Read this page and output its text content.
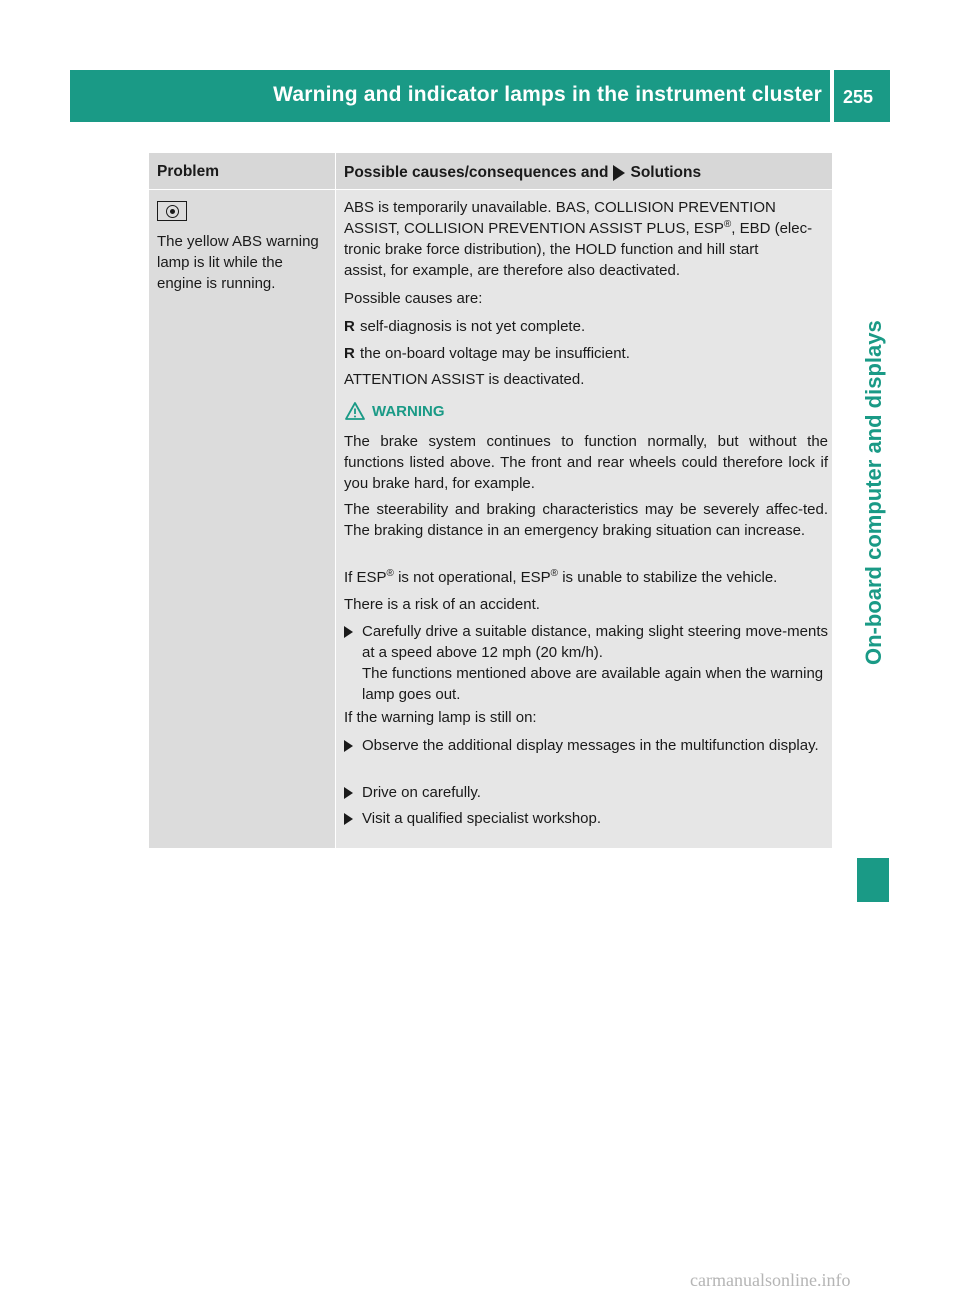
Warning and indicator lamps in the instrument cluster 255
On-board computer and displays
Problem	Possible causes/consequences and Solutions

The yellow ABS warning
lamp is lit while the
engine is running.

ABS is temporarily unavailable. BAS, COLLISION PREVENTION

ASSIST, COLLISION PREVENTION ASSIST PLUS, ESP®, EBD (elec-

tronic brake force distribution), the HOLD function and hill start

assist, for example, are therefore also deactivated.

Possible causes are:

R self-diagnosis is not yet complete.
R the on-board voltage may be insufficient.

ATTENTION ASSIST is deactivated.

WARNING

The brake system continues to function normally, but without the functions listed above. The front and rear wheels could therefore lock if you brake hard, for example.

The steerability and braking characteristics may be severely affec-ted. The braking distance in an emergency braking situation can increase.

If ESP® is not operational, ESP® is unable to stabilize the vehicle.

There is a risk of an accident.

Carefully drive a suitable distance, making slight steering move-ments at a speed above 12 mph (20 km/h).
The functions mentioned above are available again when the warning lamp goes out.

If the warning lamp is still on:

Observe the additional display messages in the multifunction display.
Drive on carefully.
Visit a qualified specialist workshop.
carmanualsonline.info
